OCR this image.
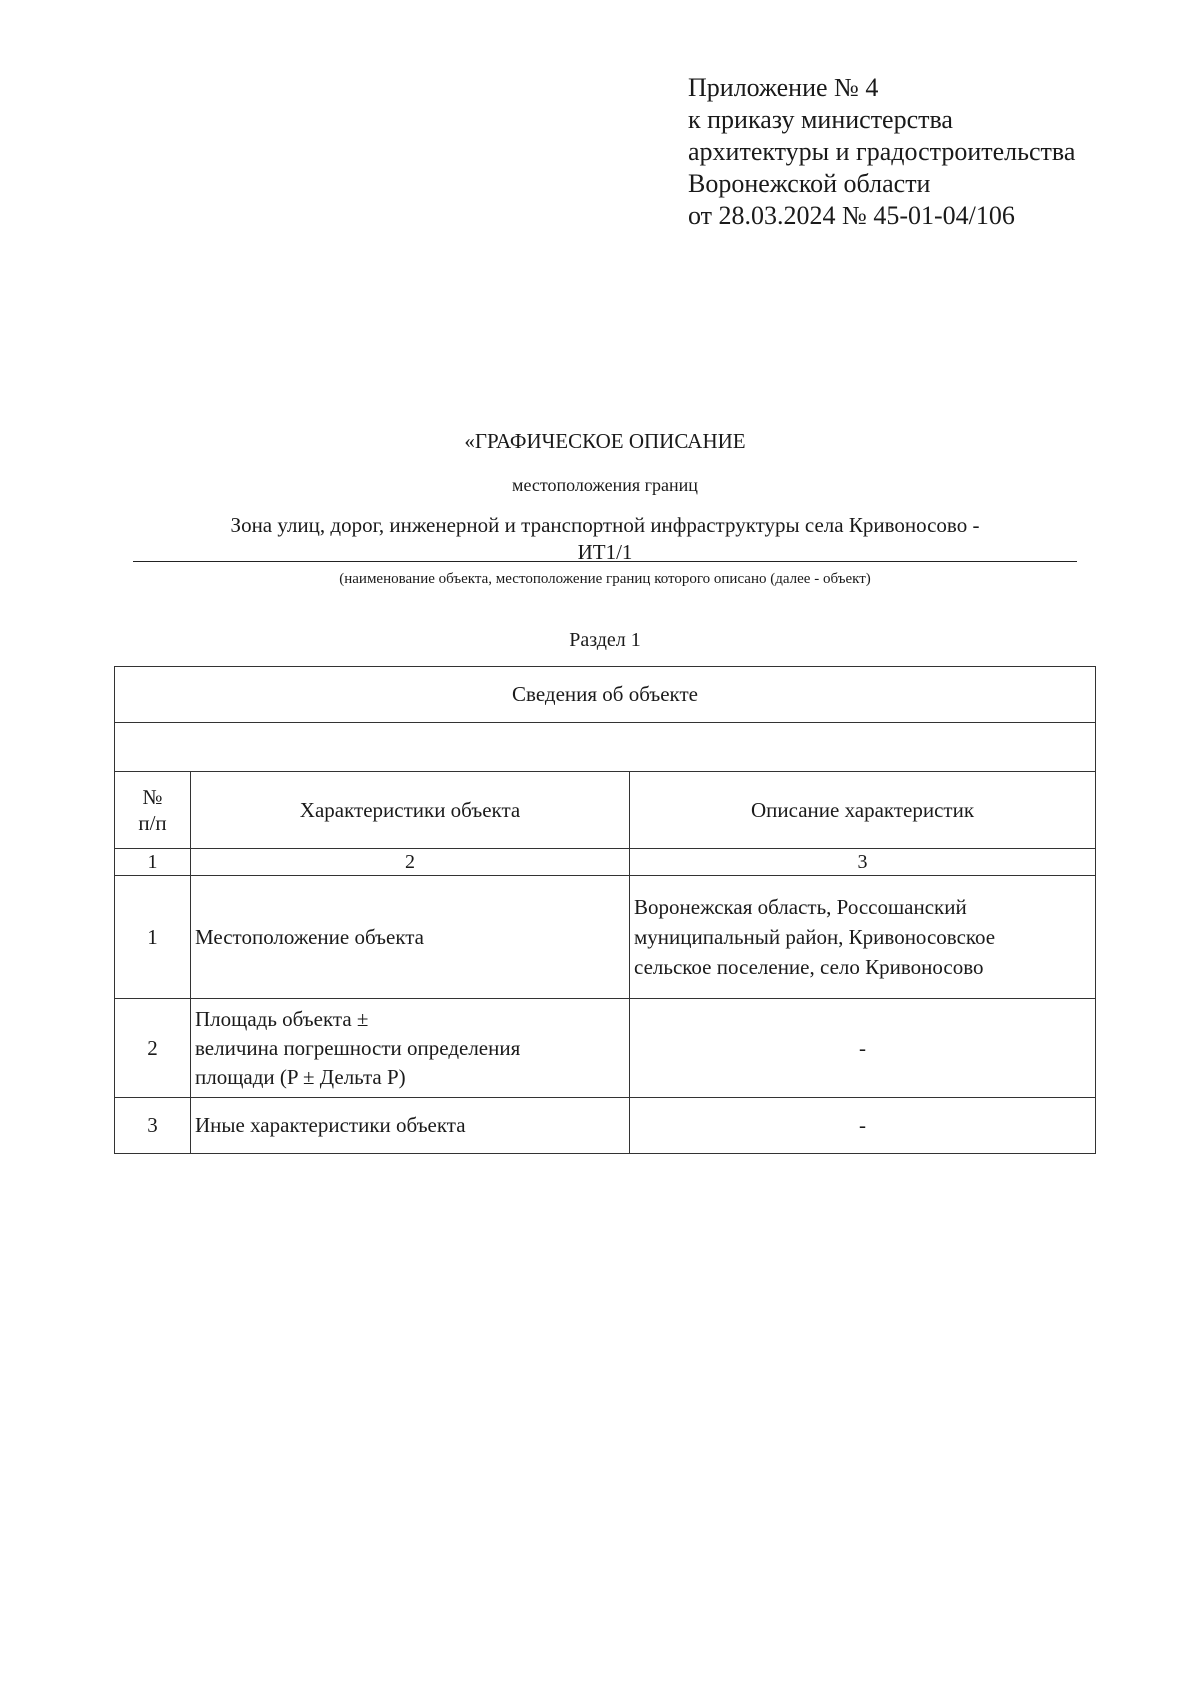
Приложение № 4
к приказу министерства
архитектуры и градостроительства
Воронежской области
от 28.03.2024 № 45-01-04/106
«ГРАФИЧЕСКОЕ ОПИСАНИЕ
местоположения границ
Зона улиц, дорог, инженерной и транспортной инфраструктуры села Кривоносово -
ИТ1/1
(наименование объекта, местоположение границ которого описано (далее - объект)
Раздел 1
Сведения об объекте		

№
п/п	Характеристики объекта	Описание характеристик
1	2	3
1	Местоположение объекта	Воронежская область, Россошанский
муниципальный район, Кривоносовское
сельское поселение, село Кривоносово

2	Площадь объекта ±
величина погрешности определения
площади (P ± Дельта P)	-
3	Иные характеристики объекта	-
